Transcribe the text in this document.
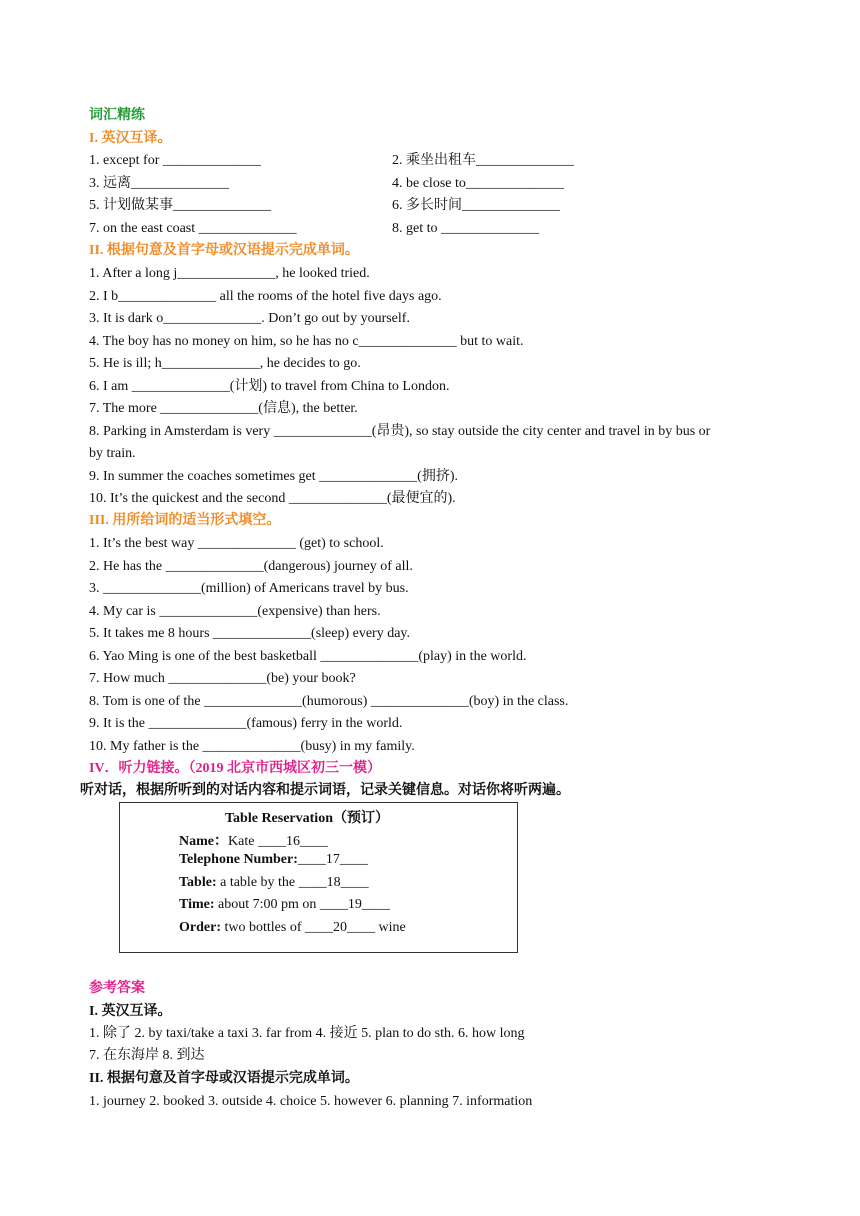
词汇精练
I. 英汉互译。
1. except for ______________	2. 乘坐出租车______________
3. 远离______________	4. be close to______________
5. 计划做某事______________	6. 多长时间______________
7. on the east coast ______________	8. get to ______________
II. 根据句意及首字母或汉语提示完成单词。
1. After a long j______________, he looked tried.
2. I b______________ all the rooms of the hotel five days ago.
3. It is dark o______________. Don’t go out by yourself.
4. The boy has no money on him, so he has no c______________ but to wait.
5. He is ill; h______________, he decides to go.
6. I am ______________(计划) to travel from China to London.
7. The more ______________(信息), the better.
8. Parking in Amsterdam is very ______________(昂贵), so stay outside the city center and travel in by bus or
by train.
9. In summer the coaches sometimes get ______________(拥挤).
10. It’s the quickest and the second ______________(最便宜的).
III. 用所给词的适当形式填空。
1. It’s the best way ______________ (get) to school.
2. He has the ______________(dangerous) journey of all.
3. ______________(million) of Americans travel by bus.
4. My car is ______________(expensive) than hers.
5. It takes me 8 hours ______________(sleep) every day.
6. Yao Ming is one of the best basketball ______________(play) in the world.
7. How much ______________(be) your book?
8. Tom is one of the ______________(humorous) ______________(boy) in the class.
9. It is the ______________(famous) ferry in the world.
10. My father is the ______________(busy) in my family.
IV．听力链接。（2019 北京市西城区初三一模）
听对话，根据所听到的对话内容和提示词语，记录关键信息。对话你将听两遍。
Table Reservation（预订）
Name：Kate ____16____
Telephone Number:____17____
Table: a table by the ____18____
Time: about 7:00 pm on ____19____
Order: two bottles of ____20____ wine
参考答案
I. 英汉互译。
1. 除了 2. by taxi/take a taxi 3. far from 4. 接近 5. plan to do sth. 6. how long
7. 在东海岸 8. 到达
II. 根据句意及首字母或汉语提示完成单词。
1. journey 2. booked 3. outside 4. choice 5. however 6. planning 7. information
